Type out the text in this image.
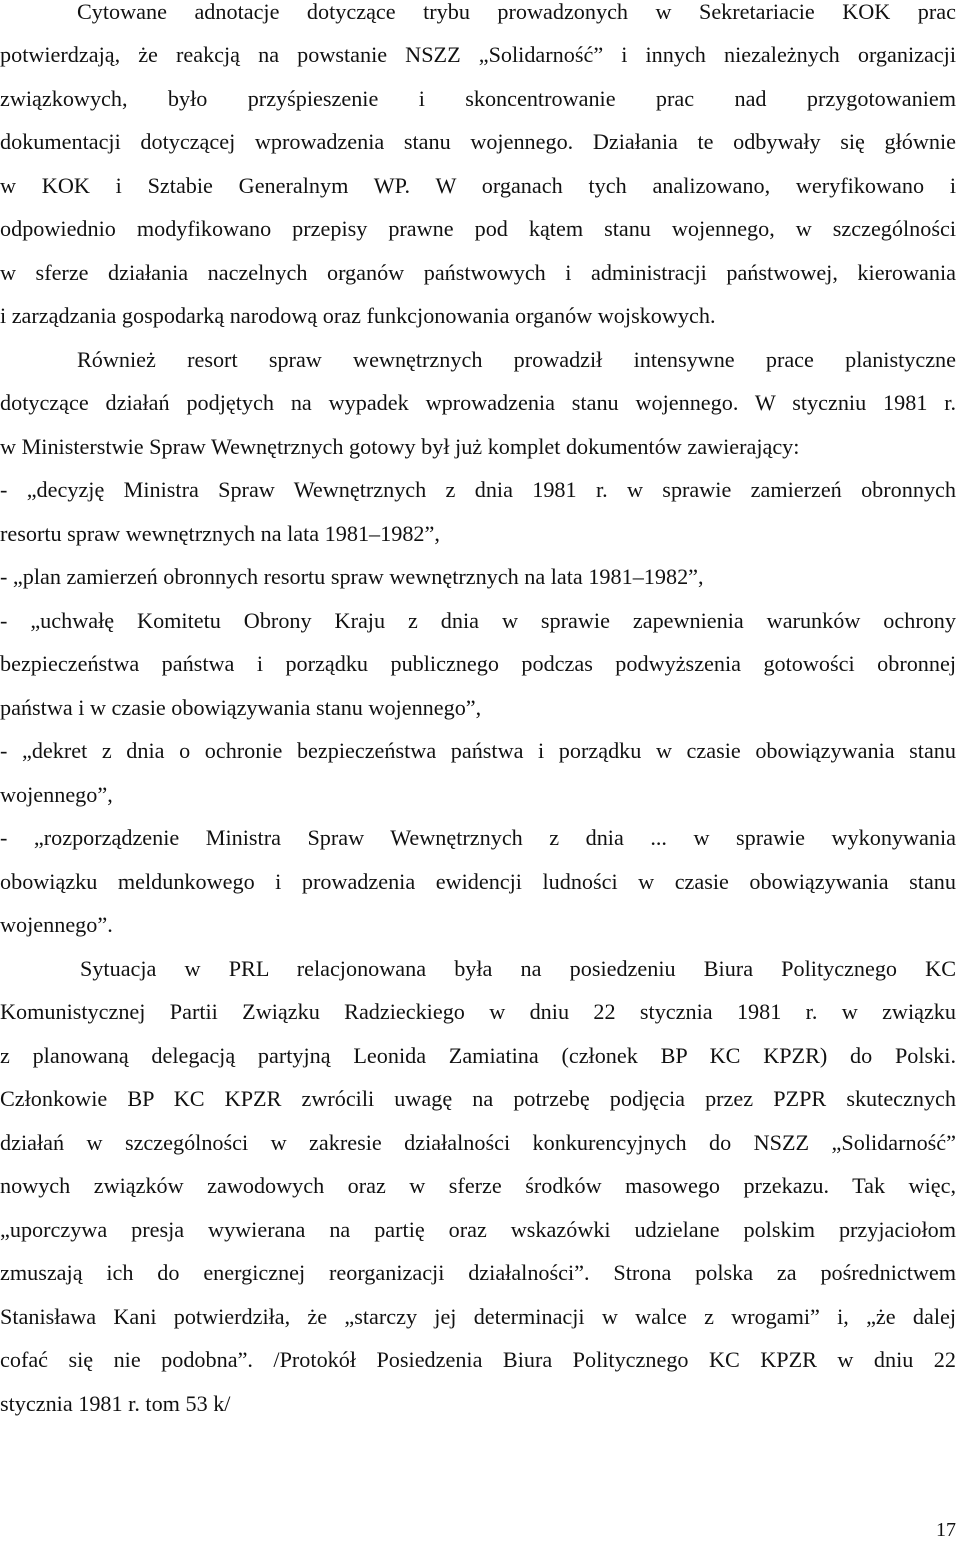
Cytowane adnotacje dotyczące trybu prowadzonych w Sekretariacie KOK prac
potwierdzają, że reakcją na powstanie NSZZ „Solidarność” i innych niezależnych organizacji
związkowych, było przyśpieszenie i skoncentrowanie prac nad przygotowaniem
dokumentacji dotyczącej wprowadzenia stanu wojennego. Działania te odbywały się głównie
w KOK i Sztabie Generalnym WP. W organach tych analizowano, weryfikowano i
odpowiednio modyfikowano przepisy prawne pod kątem stanu wojennego, w szczególności
w sferze działania naczelnych organów państwowych i administracji państwowej, kierowania
i zarządzania gospodarką narodową oraz funkcjonowania organów wojskowych.
Również resort spraw wewnętrznych prowadził intensywne prace planistyczne
dotyczące działań podjętych na wypadek wprowadzenia stanu wojennego. W styczniu 1981 r.
w Ministerstwie Spraw Wewnętrznych gotowy był już komplet dokumentów zawierający:
- „decyzję Ministra Spraw Wewnętrznych z dnia 1981 r. w sprawie zamierzeń obronnych
resortu spraw wewnętrznych na lata 1981–1982”,
- „plan zamierzeń obronnych resortu spraw wewnętrznych na lata 1981–1982”,
- „uchwałę Komitetu Obrony Kraju z dnia w sprawie zapewnienia warunków ochrony
bezpieczeństwa państwa i porządku publicznego podczas podwyższenia gotowości obronnej
państwa i w czasie obowiązywania stanu wojennego”,
- „dekret z dnia o ochronie bezpieczeństwa państwa i porządku w czasie obowiązywania stanu
wojennego”,
- „rozporządzenie Ministra Spraw Wewnętrznych z dnia ... w sprawie wykonywania
obowiązku meldunkowego i prowadzenia ewidencji ludności w czasie obowiązywania stanu
wojennego”.
Sytuacja w PRL relacjonowana była na posiedzeniu Biura Politycznego KC
Komunistycznej Partii Związku Radzieckiego w dniu 22 stycznia 1981 r. w związku
z planowaną delegacją partyjną Leonida Zamiatina (członek BP KC KPZR) do Polski.
Członkowie BP KC KPZR zwrócili uwagę na potrzebę podjęcia przez PZPR skutecznych
działań w szczególności w zakresie działalności konkurencyjnych do NSZZ „Solidarność”
nowych związków zawodowych oraz w sferze środków masowego przekazu. Tak więc,
„uporczywa presja wywierana na partię oraz wskazówki udzielane polskim przyjaciołom
zmuszają ich do energicznej reorganizacji działalności”. Strona polska za pośrednictwem
Stanisława Kani potwierdziła, że „starczy jej determinacji w walce z wrogami” i, „że dalej
cofać się nie podobna”. /Protokół Posiedzenia Biura Politycznego KC KPZR w dniu 22
stycznia 1981 r. tom 53 k/
17
